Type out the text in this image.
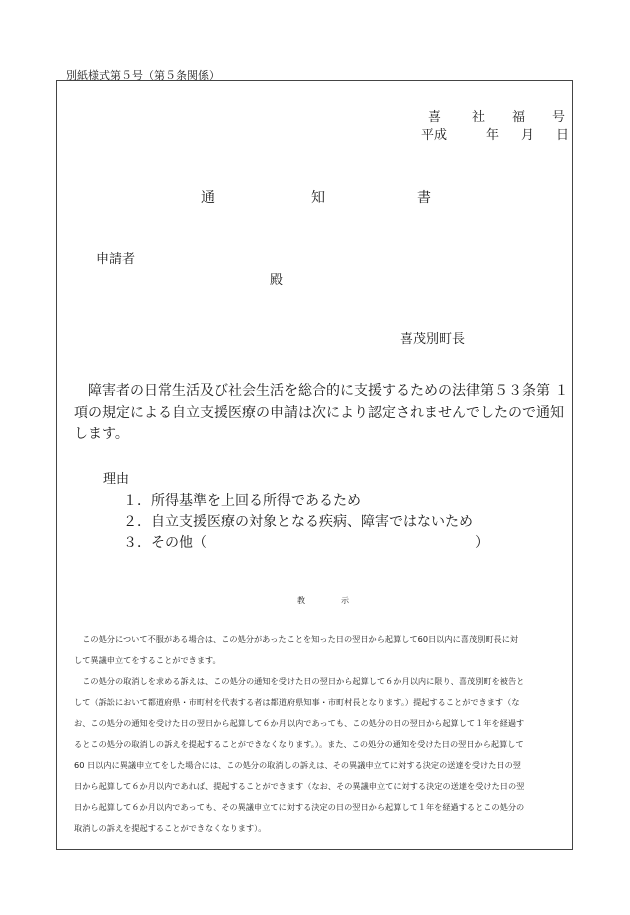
別紙様式第５号（第５条関係）
喜 社 福 号
平成	年 月 日
通	知	書
申請者
殿
喜茂別町長
　障害者の日常生活及び社会生活を総合的に支援するための法律第５３条第 １
項の規定による自立支援医療の申請は次により認定されませんでしたので通知
します。
理由
１．所得基準を上回る所得であるため
２．自立支援医療の対象となる疾病、障害ではないため
３．その他（	）
教	示
　この処分について不服がある場合は、この処分があったことを知った日の翌日から起算して60日以内に喜茂別町長に対
して異議申立てをすることができます。
　この処分の取消しを求める訴えは、この処分の通知を受けた日の翌日から起算して６か月以内に限り、喜茂別町を被告と
して（訴訟において都道府県・市町村を代表する者は都道府県知事・市町村長となります。）提起することができます（な
お、この処分の通知を受けた日の翌日から起算して６か月以内であっても、この処分の日の翌日から起算して１年を経過す
るとこの処分の取消しの訴えを提起することができなくなります。）。また、この処分の通知を受けた日の翌日から起算して
60 日以内に異議申立てをした場合には、この処分の取消しの訴えは、その異議申立てに対する決定の送達を受けた日の翌
日から起算して６か月以内であれば、提起することができます（なお、その異議申立てに対する決定の送達を受けた日の翌
日から起算して６か月以内であっても、その異議申立てに対する決定の日の翌日から起算して１年を経過するとこの処分の
取消しの訴えを提起することができなくなります）。
